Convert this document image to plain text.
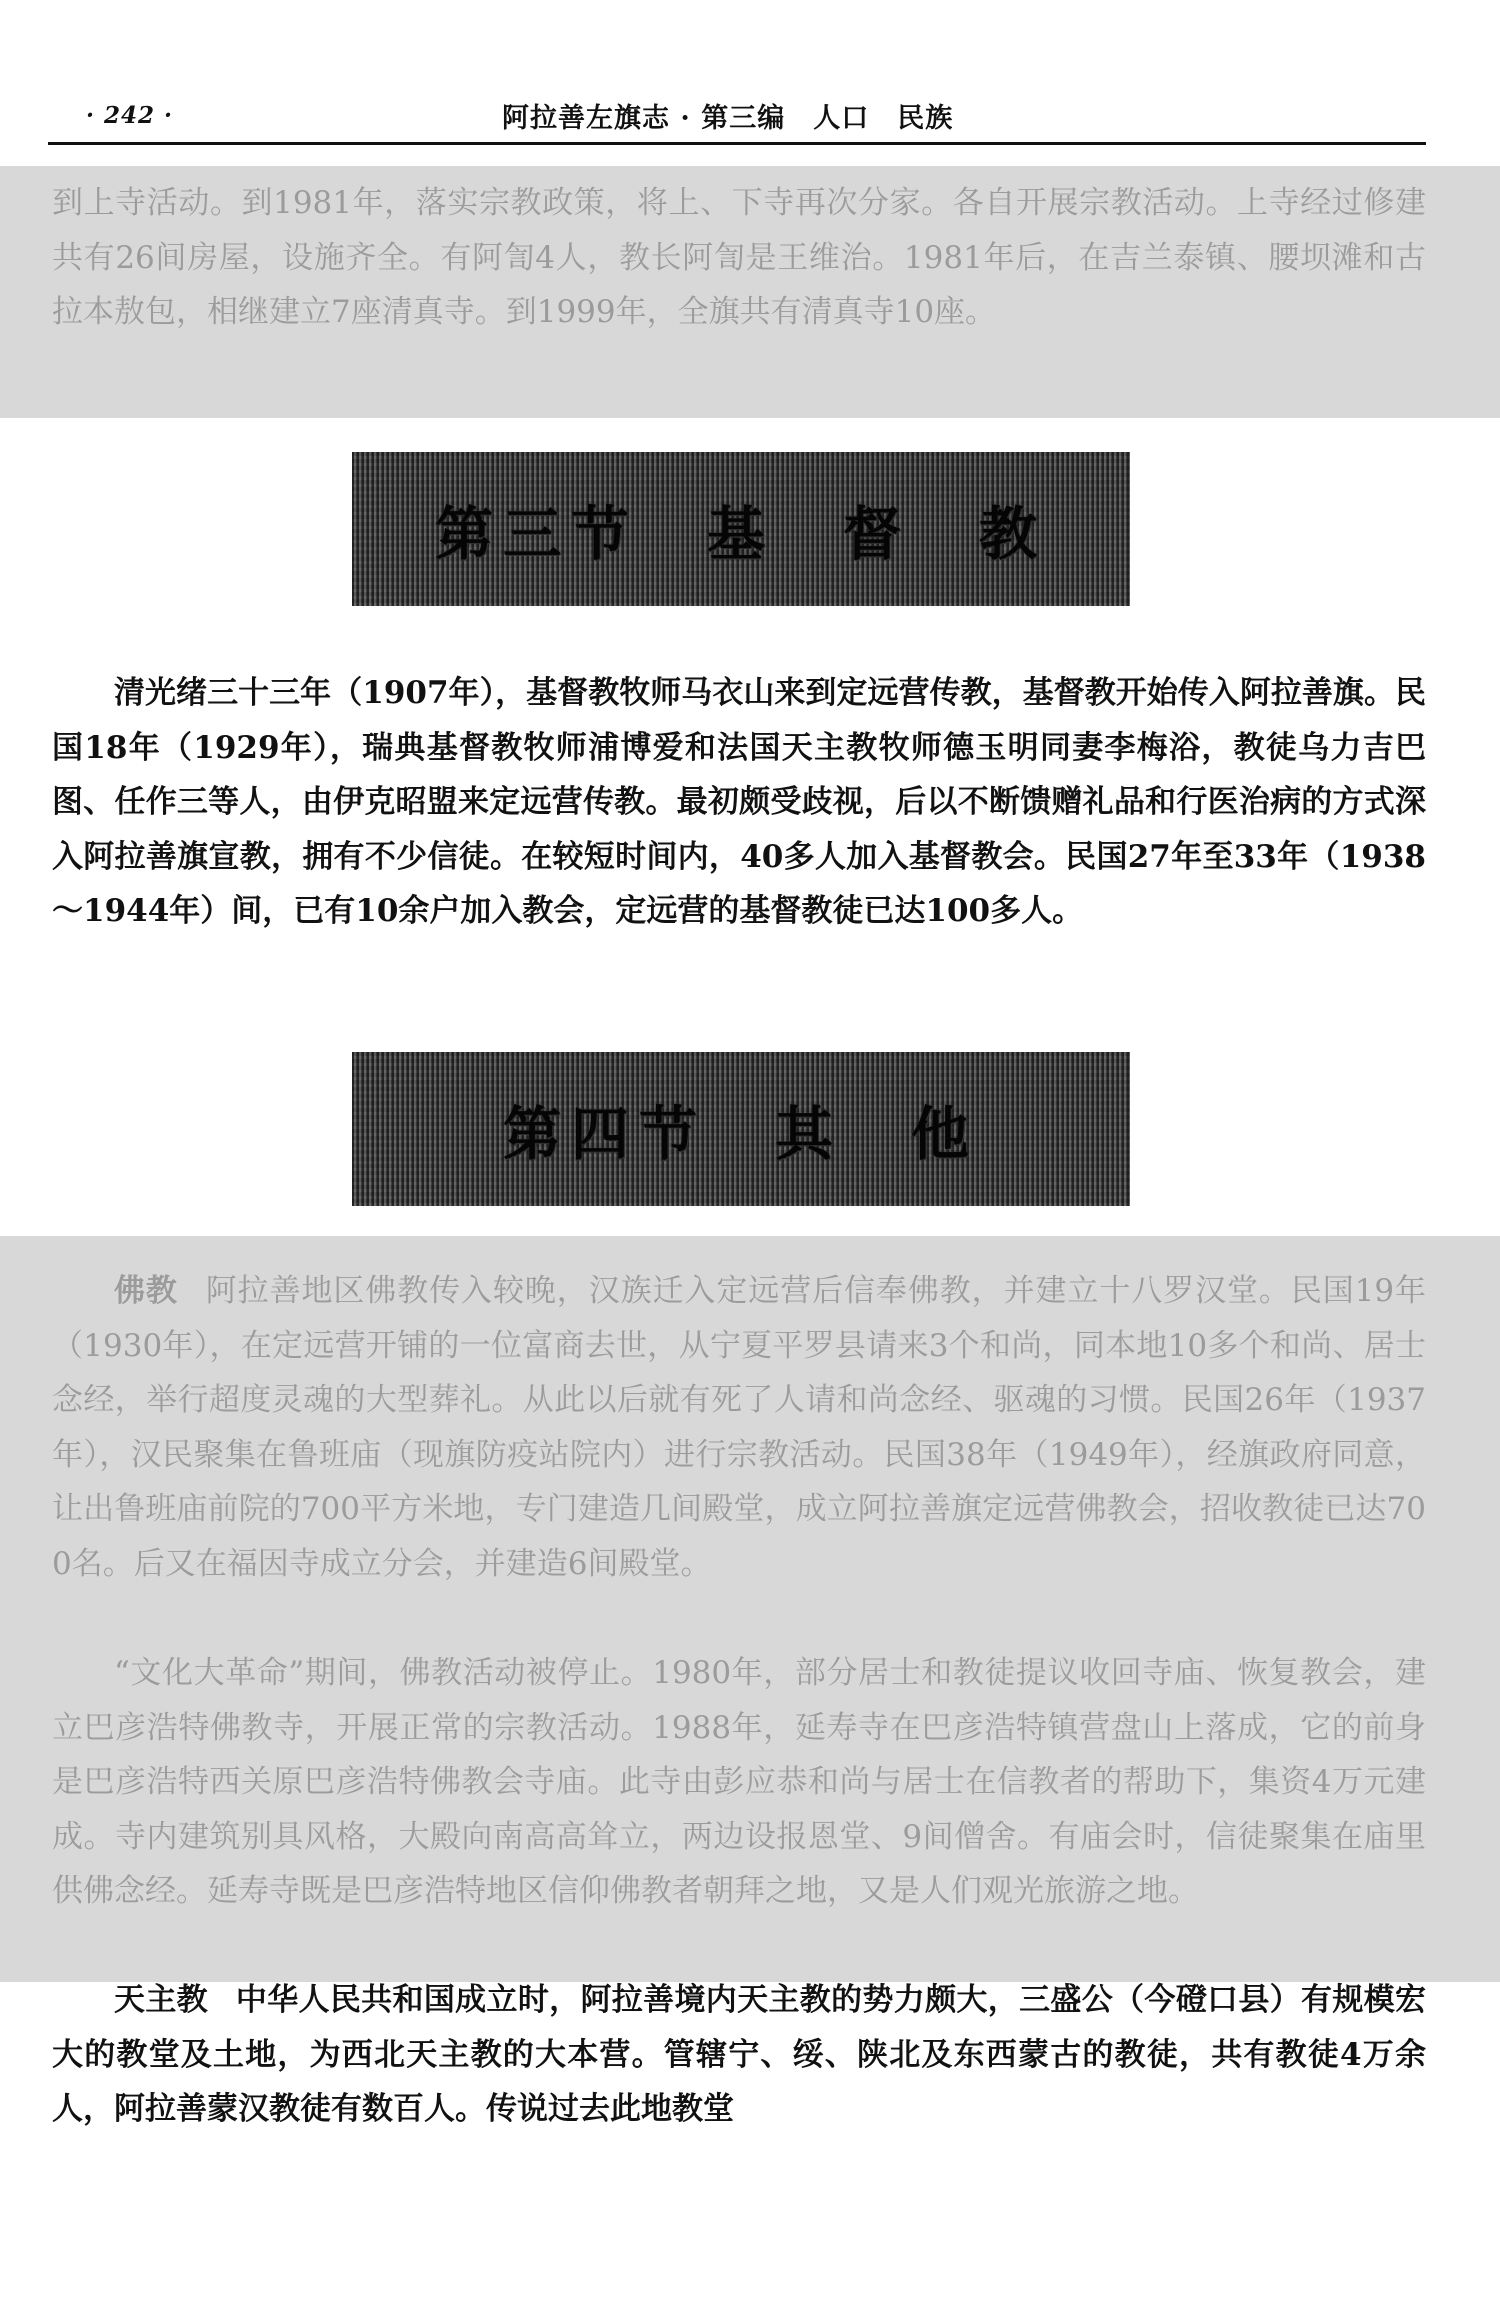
· 242 ·	阿拉善左旗志 · 第三编　人口　民族

到上寺活动。到1981年，落实宗教政策，将上、下寺再次分家。各自开展宗教活动。上寺经过修建共有26间房屋，设施齐全。有阿訇4人，教长阿訇是王维治。1981年后，在吉兰泰镇、腰坝滩和古拉本敖包，相继建立7座清真寺。到1999年，全旗共有清真寺10座。

第三节　基　督　教

清光绪三十三年（1907年），基督教牧师马衣山来到定远营传教，基督教开始传入阿拉善旗。民国18年（1929年），瑞典基督教牧师浦博爱和法国天主教牧师德玉明同妻李梅浴，教徒乌力吉巴图、任作三等人，由伊克昭盟来定远营传教。最初颇受歧视，后以不断馈赠礼品和行医治病的方式深入阿拉善旗宣教，拥有不少信徒。在较短时间内，40多人加入基督教会。民国27年至33年（1938～1944年）间，已有10余户加入教会，定远营的基督教徒已达100多人。

第四节　其　他

佛教 阿拉善地区佛教传入较晚，汉族迁入定远营后信奉佛教，并建立十八罗汉堂。民国19年（1930年），在定远营开铺的一位富商去世，从宁夏平罗县请来3个和尚，同本地10多个和尚、居士念经，举行超度灵魂的大型葬礼。从此以后就有死了人请和尚念经、驱魂的习惯。民国26年（1937年），汉民聚集在鲁班庙（现旗防疫站院内）进行宗教活动。民国38年（1949年），经旗政府同意，让出鲁班庙前院的700平方米地，专门建造几间殿堂，成立阿拉善旗定远营佛教会，招收教徒已达700名。后又在福因寺成立分会，并建造6间殿堂。

“文化大革命”期间，佛教活动被停止。1980年，部分居士和教徒提议收回寺庙、恢复教会，建立巴彦浩特佛教寺，开展正常的宗教活动。1988年，延寿寺在巴彦浩特镇营盘山上落成，它的前身是巴彦浩特西关原巴彦浩特佛教会寺庙。此寺由彭应恭和尚与居士在信教者的帮助下，集资4万元建成。寺内建筑别具风格，大殿向南高高耸立，两边设报恩堂、9间僧舍。有庙会时，信徒聚集在庙里供佛念经。延寿寺既是巴彦浩特地区信仰佛教者朝拜之地，又是人们观光旅游之地。

天主教 中华人民共和国成立时，阿拉善境内天主教的势力颇大，三盛公（今磴口县）有规模宏大的教堂及土地，为西北天主教的大本营。管辖宁、绥、陕北及东西蒙古的教徒，共有教徒4万余人，阿拉善蒙汉教徒有数百人。传说过去此地教堂
